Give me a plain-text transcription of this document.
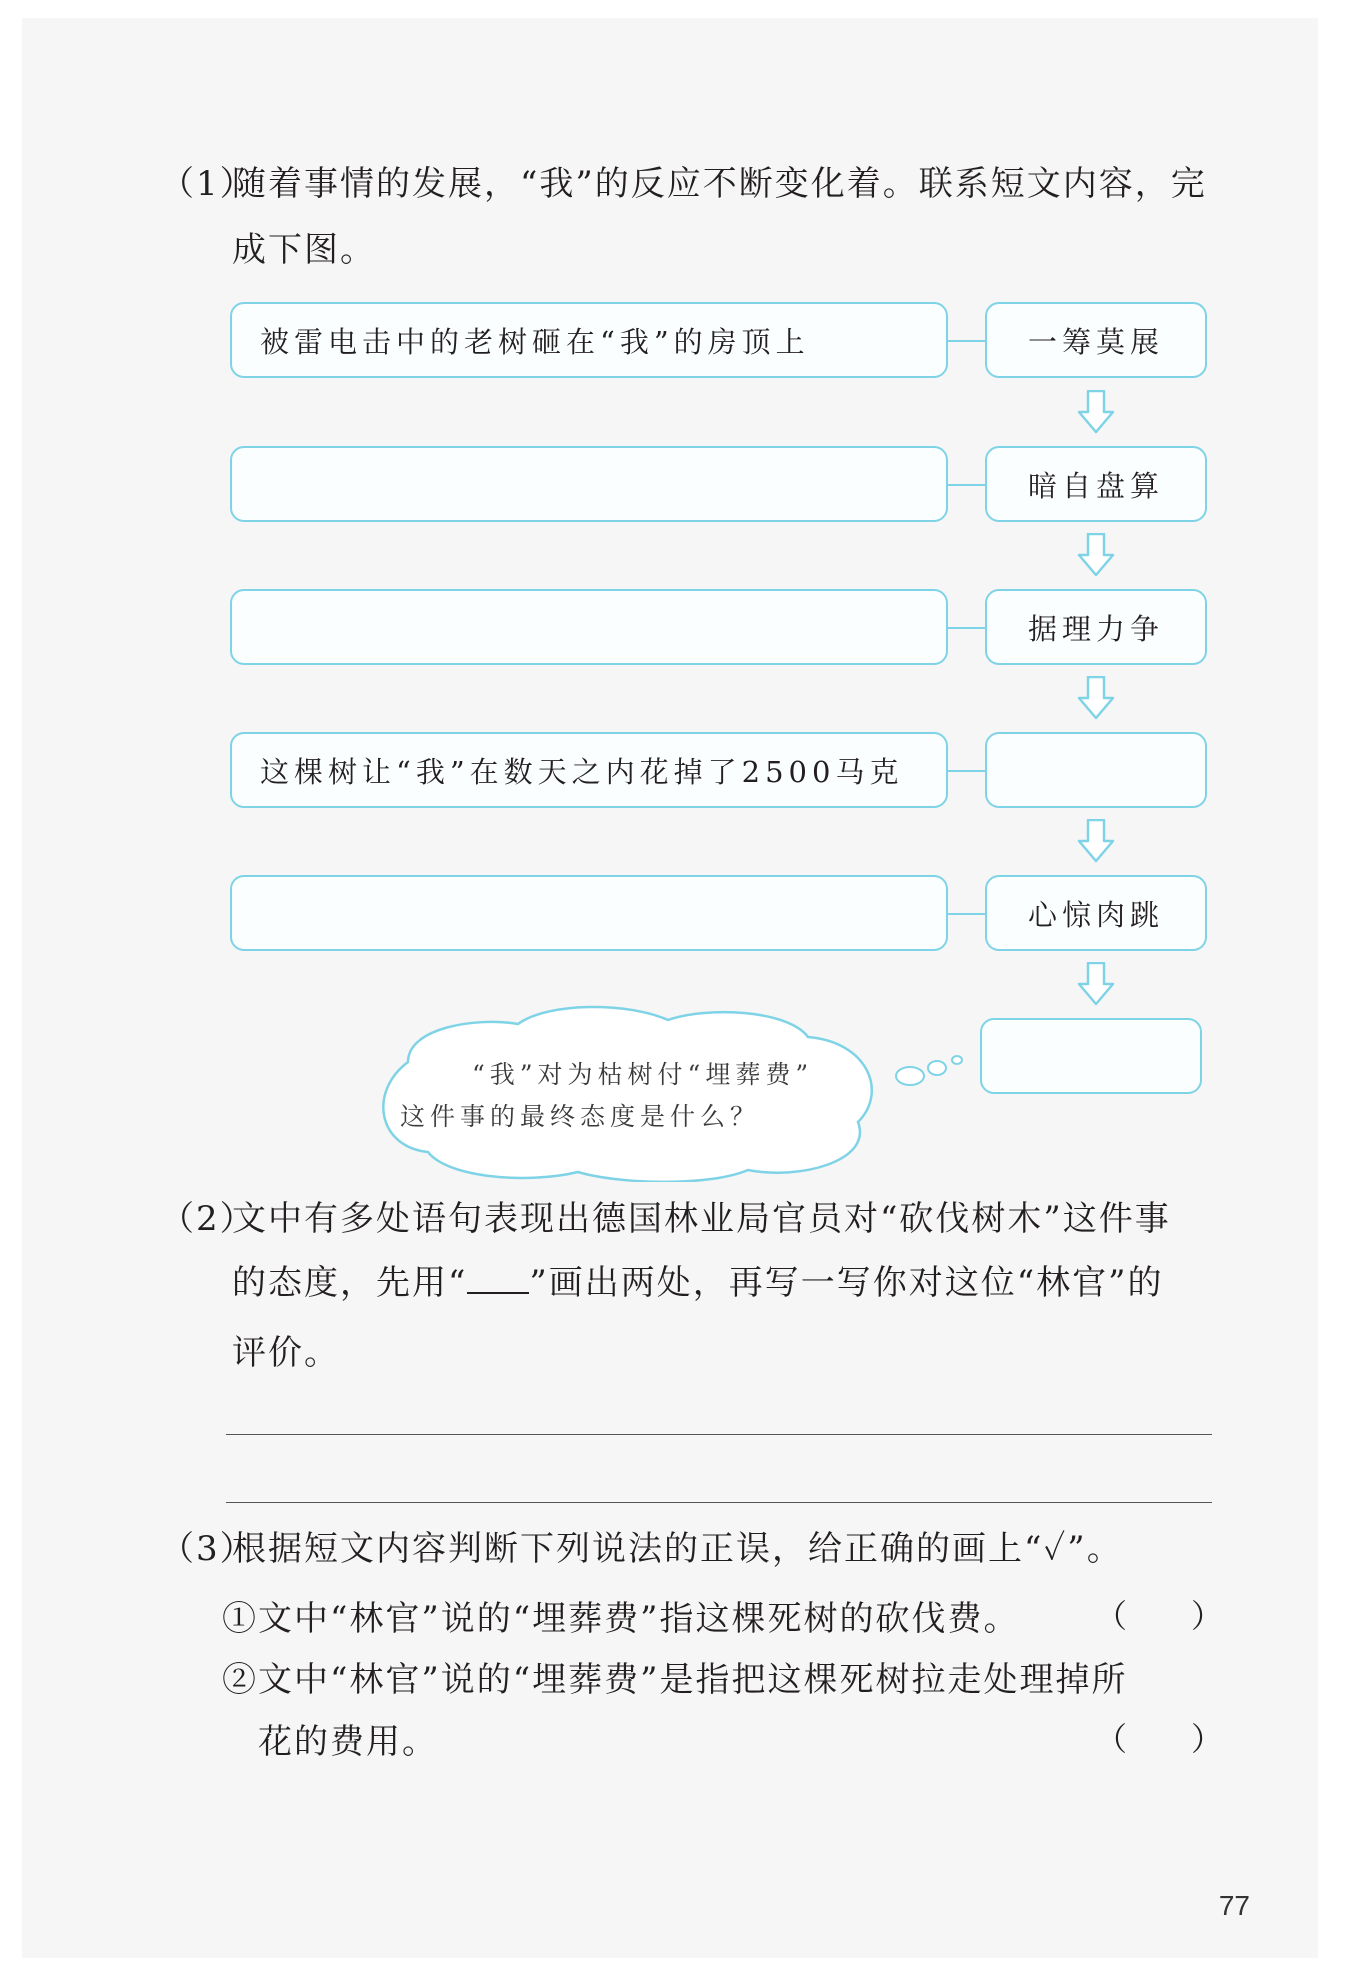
（1）随着事情的发展，“我”的反应不断变化着。联系短文内容，完
成下图。
被雷电击中的老树砸在“我”的房顶上	一筹莫展
暗自盘算
据理力争
这棵树让“我”在数天之内花掉了2500马克
心惊肉跳
“我”对为枯树付“埋葬费”
这件事的最终态度是什么？
（2）文中有多处语句表现出德国林业局官员对“砍伐树木”这件事
的态度，先用“ ”画出两处，再写一写你对这位“林官”的
评价。
（3）根据短文内容判断下列说法的正误，给正确的画上“✓”。
①文中“林官”说的“埋葬费”指这棵死树的砍伐费。 （　　）
②文中“林官”说的“埋葬费”是指把这棵死树拉走处理掉所
花的费用。	（　　）
77
